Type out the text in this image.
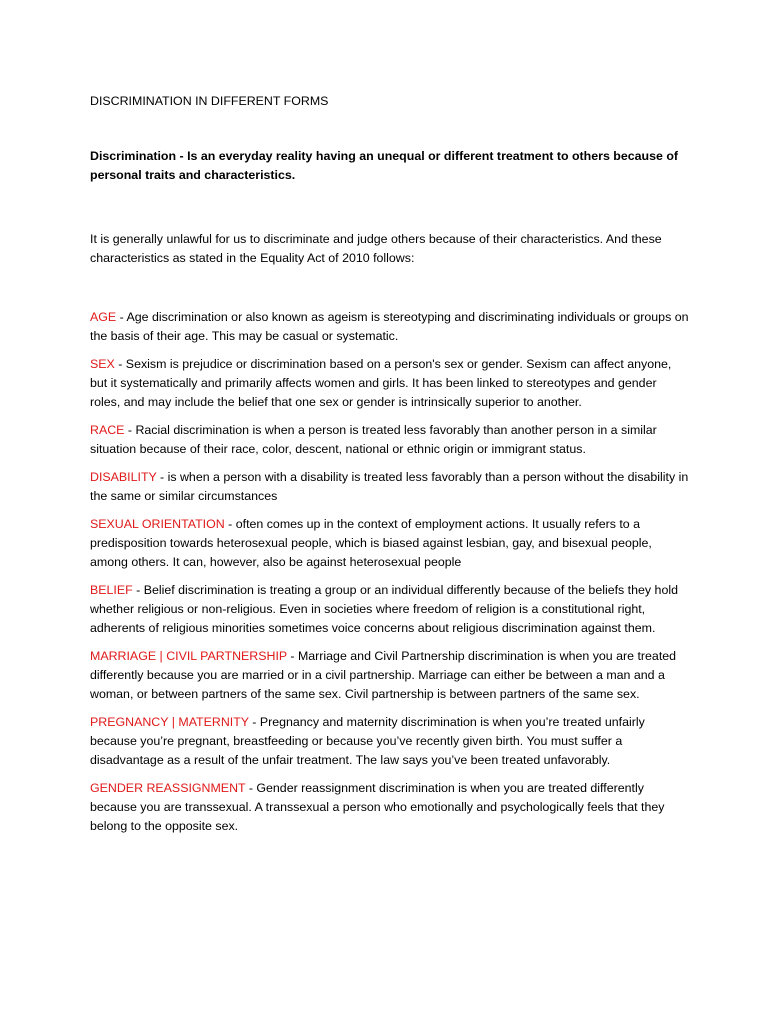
DISCRIMINATION IN DIFFERENT FORMS

Discrimination - Is an everyday reality having an unequal or different treatment to others because of personal traits and characteristics.

It is generally unlawful for us to discriminate and judge others because of their characteristics. And these characteristics as stated in the Equality Act of 2010 follows:

AGE - Age discrimination or also known as ageism is stereotyping and discriminating individuals or groups on the basis of their age. This may be casual or systematic.

SEX - Sexism is prejudice or discrimination based on a person's sex or gender. Sexism can affect anyone, but it systematically and primarily affects women and girls. It has been linked to stereotypes and gender roles, and may include the belief that one sex or gender is intrinsically superior to another.

RACE - Racial discrimination is when a person is treated less favorably than another person in a similar situation because of their race, color, descent, national or ethnic origin or immigrant status.

DISABILITY - is when a person with a disability is treated less favorably than a person without the disability in the same or similar circumstances

SEXUAL ORIENTATION - often comes up in the context of employment actions. It usually refers to a predisposition towards heterosexual people, which is biased against lesbian, gay, and bisexual people, among others. It can, however, also be against heterosexual people

BELIEF - Belief discrimination is treating a group or an individual differently because of the beliefs they hold whether religious or non-religious. Even in societies where freedom of religion is a constitutional right, adherents of religious minorities sometimes voice concerns about religious discrimination against them.

MARRIAGE | CIVIL PARTNERSHIP - Marriage and Civil Partnership discrimination is when you are treated differently because you are married or in a civil partnership. Marriage can either be between a man and a woman, or between partners of the same sex. Civil partnership is between partners of the same sex.

PREGNANCY | MATERNITY - Pregnancy and maternity discrimination is when you’re treated unfairly because you’re pregnant, breastfeeding or because you’ve recently given birth. You must suffer a disadvantage as a result of the unfair treatment. The law says you’ve been treated unfavorably.

GENDER REASSIGNMENT - Gender reassignment discrimination is when you are treated differently because you are transsexual. A transsexual a person who emotionally and psychologically feels that they belong to the opposite sex.
